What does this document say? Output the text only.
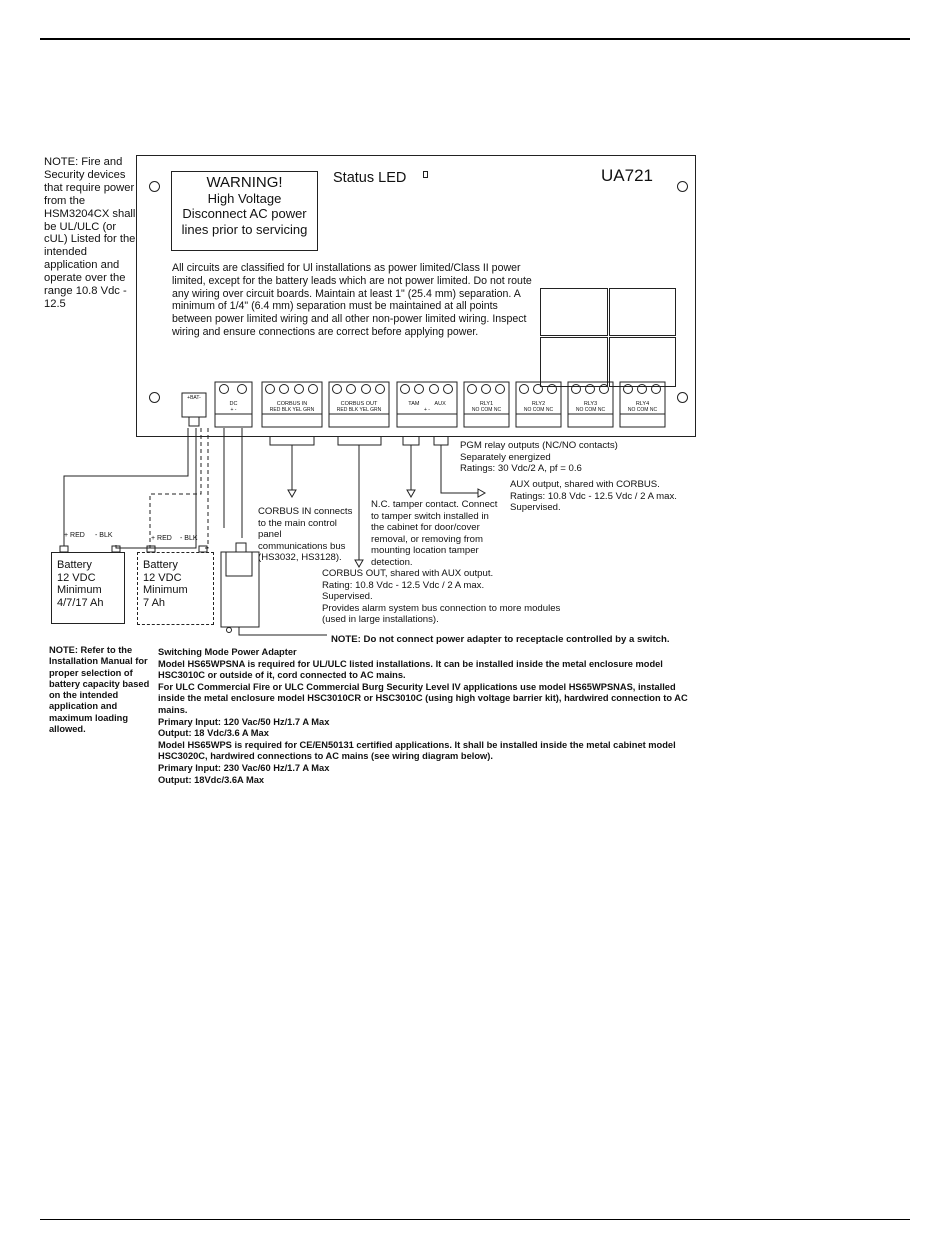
NOTE: Fire and Security devices that require power from the HSM3204CX shall be UL/ULC (or cUL) Listed for the intended application and operate over the range 10.8 Vdc - 12.5
WARNING!
High Voltage
Disconnect AC power
lines prior to servicing
Status LED	UA721
All circuits are classified for Ul installations as power limited/Class II power limited, except for the battery leads which are not power limited. Do not route any wiring over circuit boards. Maintain at least 1" (25.4 mm) separation. A minimum of 1/4" (6.4 mm) separation must be maintained at all points between power limited wiring and all other non-power limited wiring. Inspect wiring and ensure connections are correct before applying power.
DC
+ -
CORBUS IN
RED BLK YEL GRN
CORBUS OUT
RED BLK YEL GRN
TAM          AUX
+ -
RLY1
NO COM NC
RLY2
NO COM NC
RLY3
NO COM NC
RLY4
NO COM NC
+BAT-
PGM relay outputs (NC/NO contacts)
Separately energized
Ratings: 30 Vdc/2 A, pf = 0.6
AUX output, shared with CORBUS.
Ratings: 10.8 Vdc - 12.5 Vdc / 2 A max.
Supervised.
N.C. tamper contact. Connect
to tamper switch installed in
the cabinet for door/cover
removal, or removing from
mounting location tamper
detection.
CORBUS IN connects
to the main control
panel
communications bus
(HS3032, HS3128).
CORBUS OUT, shared with AUX output.
Rating: 10.8 Vdc - 12.5 Vdc / 2 A max.
Supervised.
Provides alarm system bus connection to more modules
(used in large installations).
+ RED - BLK
Battery
12 VDC
Minimum
4/7/17 Ah
+ RED - BLK
Battery
12 VDC
Minimum
7 Ah
NOTE: Do not connect power adapter to receptacle controlled by a switch.
NOTE: Refer to the Installation Manual for proper selection of battery capacity based on the intended application and maximum loading allowed.
Switching Mode Power Adapter
Model HS65WPSNA is required for UL/ULC listed installations. It can be installed inside the metal enclosure model HSC3010C or outside of it, cord connected to AC mains.
For ULC Commercial Fire or ULC Commercial Burg Security Level IV applications use model HS65WPSNAS, installed inside the metal enclosure model HSC3010CR or HSC3010C (using high voltage barrier kit), hardwired connection to AC mains.
Primary Input: 120 Vac/50 Hz/1.7 A Max
Output: 18 Vdc/3.6 A Max
Model HS65WPS is required for CE/EN50131 certified applications. It shall be installed inside the metal cabinet model HSC3020C, hardwired connections to AC mains (see wiring diagram below).
Primary Input: 230 Vac/60 Hz/1.7 A Max
Output: 18Vdc/3.6A Max
